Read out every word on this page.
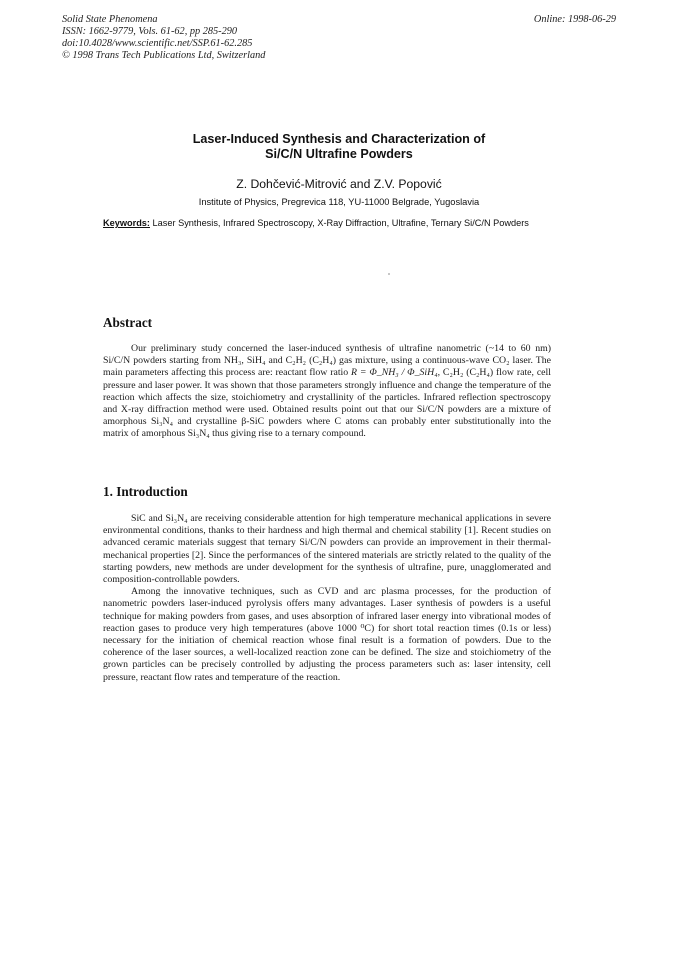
Solid State Phenomena
ISSN: 1662-9779, Vols. 61-62, pp 285-290
doi:10.4028/www.scientific.net/SSP.61-62.285
© 1998 Trans Tech Publications Ltd, Switzerland
Online: 1998-06-29
Laser-Induced Synthesis and Characterization of
Si/C/N Ultrafine Powders
Z. Dohčević-Mitrović and Z.V. Popović
Institute of Physics, Pregrevica 118, YU-11000 Belgrade, Yugoslavia
Keywords: Laser Synthesis, Infrared Spectroscopy, X-Ray Diffraction, Ultrafine, Ternary Si/C/N Powders
Abstract

Our preliminary study concerned the laser-induced synthesis of ultrafine nanometric (~14 to 60 nm) Si/C/N powders starting from NH₃, SiH₄ and C₂H₂ (C₂H₄) gas mixture, using a continuous-wave CO₂ laser. The main parameters affecting this process are: reactant flow ratio R = Φ_NH₃ / Φ_SiH₄, C₂H₂ (C₂H₄) flow rate, cell pressure and laser power. It was shown that those parameters strongly influence and change the temperature of the reaction which affects the size, stoichiometry and crystallinity of the particles. Infrared reflection spectroscopy and X-ray diffraction method were used. Obtained results point out that our Si/C/N powders are a mixture of amorphous Si₃N₄ and crystalline β-SiC powders where C atoms can probably enter substitutionally into the matrix of amorphous Si₃N₄ thus giving rise to a ternary compound.

1. Introduction

SiC and Si₃N₄ are receiving considerable attention for high temperature mechanical applications in severe environmental conditions, thanks to their hardness and high thermal and chemical stability [1]. Recent studies on advanced ceramic materials suggest that ternary Si/C/N powders can provide an improvement in their thermal-mechanical properties [2]. Since the performances of the sintered materials are strictly related to the quality of the starting powders, new methods are under development for the synthesis of ultrafine, pure, unagglomerated and composition-controllable powders.

Among the innovative techniques, such as CVD and arc plasma processes, for the production of nanometric powders laser-induced pyrolysis offers many advantages. Laser synthesis of powders is a useful technique for making powders from gases, and uses absorption of infrared laser energy into vibrational modes of reaction gases to produce very high temperatures (above 1000 ⁰C) for short total reaction times (0.1s or less) necessary for the initiation of chemical reaction whose final result is a formation of powders. Due to the coherence of the laser sources, a well-localized reaction zone can be defined. The size and stoichiometry of the grown particles can be precisely controlled by adjusting the process parameters such as: laser intensity, cell pressure, reactant flow rates and temperature of the reaction.
